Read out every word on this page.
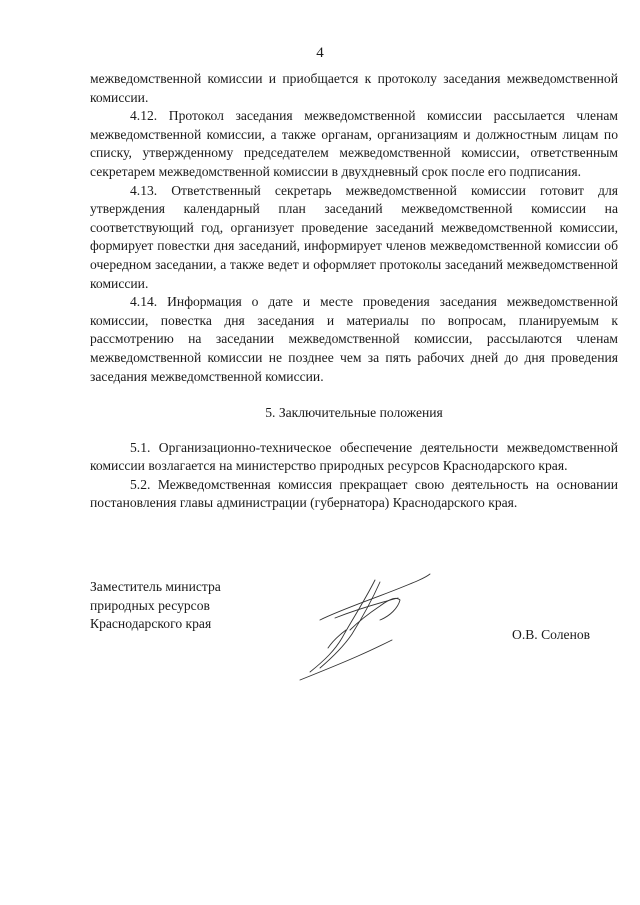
4

межведомственной комиссии и приобщается к протоколу заседания межведомственной комиссии.

4.12. Протокол заседания межведомственной комиссии рассылается членам межведомственной комиссии, а также органам, организациям и должностным лицам по списку, утвержденному председателем межведомственной комиссии, ответственным секретарем межведомственной комиссии в двухдневный срок после его подписания.

4.13. Ответственный секретарь межведомственной комиссии готовит для утверждения календарный план заседаний межведомственной комиссии на соответствующий год, организует проведение заседаний межведомственной комиссии, формирует повестки дня заседаний, информирует членов межведомственной комиссии об очередном заседании, а также ведет и оформляет протоколы заседаний межведомственной комиссии.

4.14. Информация о дате и месте проведения заседания межведомственной комиссии, повестка дня заседания и материалы по вопросам, планируемым к рассмотрению на заседании межведомственной комиссии, рассылаются членам межведомственной комиссии не позднее чем за пять рабочих дней до дня проведения заседания межведомственной комиссии.

5. Заключительные положения

5.1. Организационно-техническое обеспечение деятельности межведомственной комиссии возлагается на министерство природных ресурсов Краснодарского края.

5.2. Межведомственная комиссия прекращает свою деятельность на основании постановления главы администрации (губернатора) Краснодарского края.

Заместитель министра
природных ресурсов
Краснодарского края
О.В. Соленов
